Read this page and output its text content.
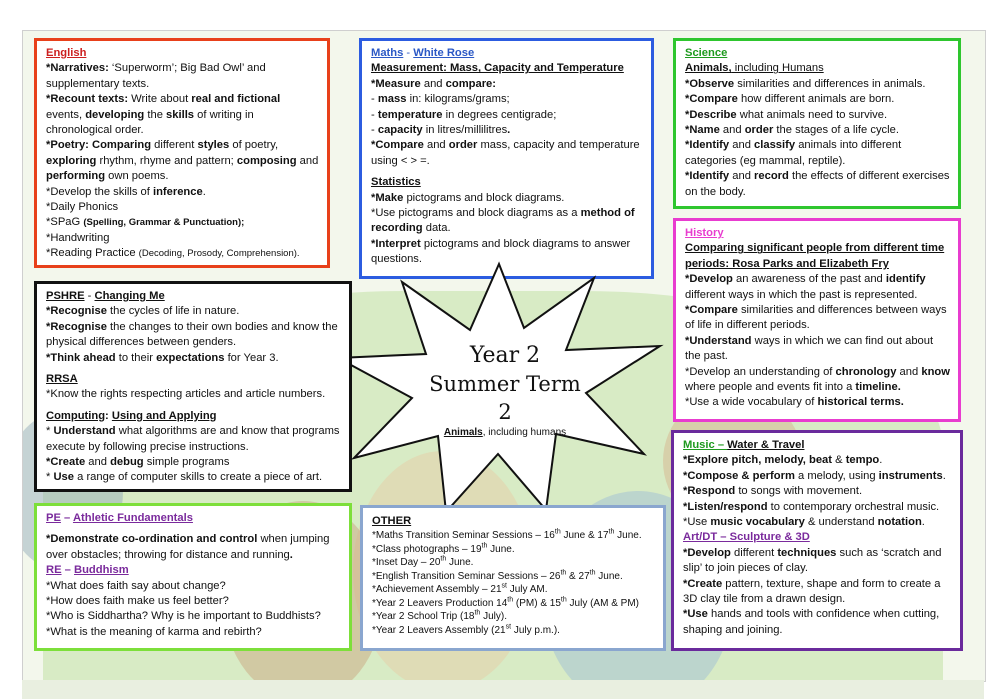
English

*Narratives: ‘Superworm’; Big Bad Owl’ and supplementary texts.

*Recount texts: Write about real and fictional events, developing the skills of writing in chronological order.

*Poetry: Comparing different styles of poetry, exploring rhythm, rhyme and pattern; composing and performing own poems.

*Develop the skills of inference.

*Daily Phonics

*SPaG (Spelling, Grammar & Punctuation);

*Handwriting

*Reading Practice (Decoding, Prosody, Comprehension).

Maths - White Rose

Measurement: Mass, Capacity and Temperature

*Measure and compare:

- mass in: kilograms/grams;

- temperature in degrees centigrade;

- capacity in litres/millilitres.

*Compare and order mass, capacity and temperature using < > =.

Statistics

*Make pictograms and block diagrams.

*Use pictograms and block diagrams as a method of recording data.

*Interpret pictograms and block diagrams to answer questions.

Science

Animals, including Humans

*Observe similarities and differences in animals.

*Compare how different animals are born.

*Describe what animals need to survive.

*Name and order the stages of a life cycle.

*Identify and classify animals into different categories (eg mammal, reptile).

*Identify and record the effects of different exercises on the body.

History

Comparing significant people from different time periods: Rosa Parks and Elizabeth Fry

*Develop an awareness of the past and identify different ways in which the past is represented.

*Compare similarities and differences between ways of life in different periods.

*Understand ways in which we can find out about the past.

*Develop an understanding of chronology and know where people and events fit into a timeline.

*Use a wide vocabulary of historical terms.

Year 2
Summer Term 2
Animals, including humans

PSHRE - Changing Me

*Recognise the cycles of life in nature.

*Recognise the changes to their own bodies and know the physical differences between genders.

*Think ahead to their expectations for Year 3.

RRSA

*Know the rights respecting articles and article numbers.

Computing: Using and Applying

* Understand what algorithms are and know that programs execute by following precise instructions.

*Create and debug simple programs

* Use a range of computer skills to create a piece of art.

PE – Athletic Fundamentals

*Demonstrate co-ordination and control when jumping over obstacles; throwing for distance and running.

RE – Buddhism

*What does faith say about change?

*How does faith make us feel better?

*Who is Siddhartha? Why is he important to Buddhists?

*What is the meaning of karma and rebirth?

OTHER

*Maths Transition Seminar Sessions – 16th June & 17th June.

*Class photographs – 19th June.

*Inset Day – 20th June.

*English Transition Seminar Sessions – 26th & 27th June.

*Achievement Assembly – 21st July AM.

*Year 2 Leavers Production 14th (PM) & 15th July (AM & PM)

*Year 2 School Trip (18th July).

*Year 2 Leavers Assembly (21st July p.m.).

Music – Water & Travel

*Explore pitch, melody, beat & tempo.

*Compose & perform a melody, using instruments.

*Respond to songs with movement.

*Listen/respond to contemporary orchestral music.

*Use music vocabulary & understand notation.

Art/DT – Sculpture & 3D

*Develop different techniques such as ‘scratch and slip’ to join pieces of clay.

*Create pattern, texture, shape and form to create a 3D clay tile from a drawn design.

*Use hands and tools with confidence when cutting, shaping and joining.
